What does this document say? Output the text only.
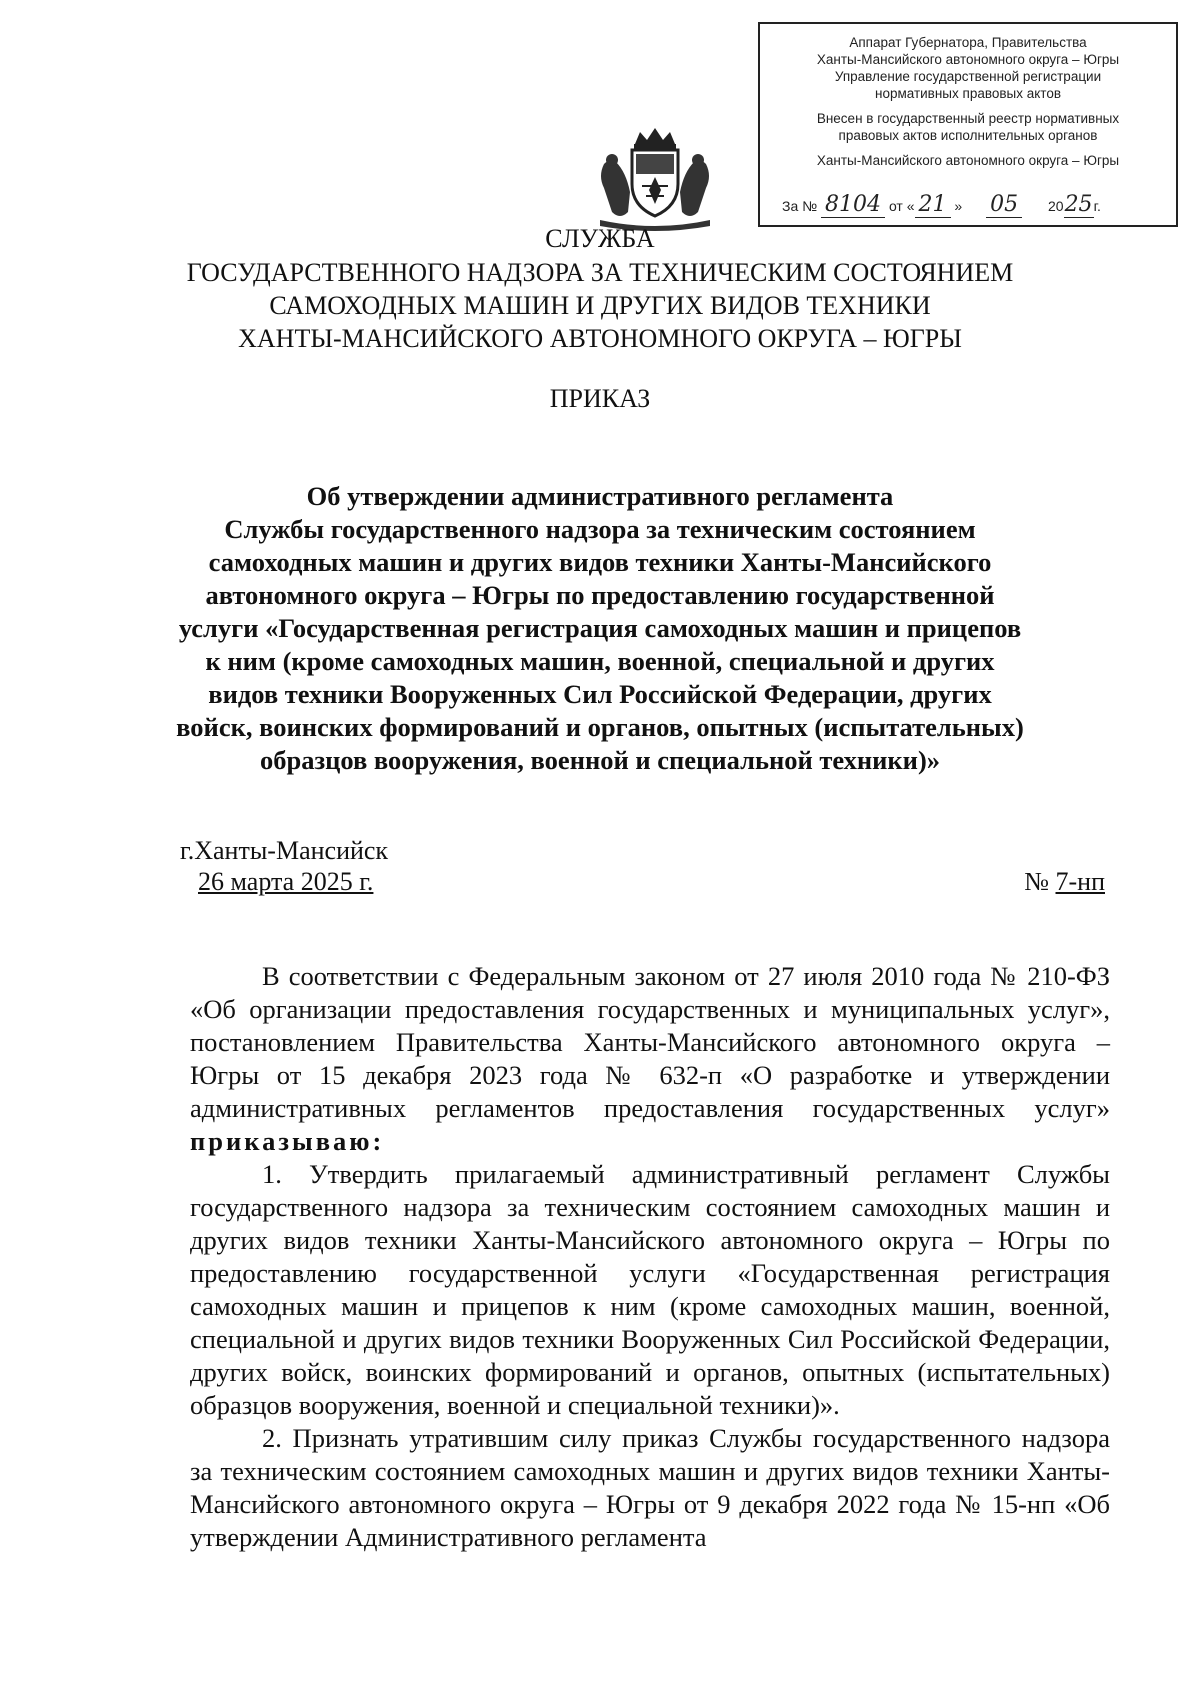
Аппарат Губернатора, Правительства
Ханты-Мансийского автономного округа – Югры
Управление государственной регистрации
нормативных правовых актов
Внесен в государственный реестр нормативных
правовых актов исполнительных органов
Ханты-Мансийского автономного округа – Югры
За № 8104 от « 21 » 05 2025г.
СЛУЖБА
ГОСУДАРСТВЕННОГО НАДЗОРА ЗА ТЕХНИЧЕСКИМ СОСТОЯНИЕМ
САМОХОДНЫХ МАШИН И ДРУГИХ ВИДОВ ТЕХНИКИ
ХАНТЫ-МАНСИЙСКОГО АВТОНОМНОГО ОКРУГА – ЮГРЫ
ПРИКАЗ
Об утверждении административного регламента
Службы государственного надзора за техническим состоянием
самоходных машин и других видов техники Ханты-Мансийского
автономного округа – Югры по предоставлению государственной
услуги «Государственная регистрация самоходных машин и прицепов
к ним (кроме самоходных машин, военной, специальной и других
видов техники Вооруженных Сил Российской Федерации, других
войск, воинских формирований и органов, опытных (испытательных)
образцов вооружения, военной и специальной техники)»
г.Ханты-Мансийск
26 марта 2025 г.	№ 7-нп

В соответствии с Федеральным законом от 27 июля 2010 года № 210-ФЗ «Об организации предоставления государственных и муниципальных услуг», постановлением Правительства Ханты-Мансийского автономного округа – Югры от 15 декабря 2023 года № 632-п «О разработке и утверждении административных регламентов предоставления государственных услуг» приказываю:

1. Утвердить прилагаемый административный регламент Службы государственного надзора за техническим состоянием самоходных машин и других видов техники Ханты-Мансийского автономного округа – Югры по предоставлению государственной услуги «Государственная регистрация самоходных машин и прицепов к ним (кроме самоходных машин, военной, специальной и других видов техники Вооруженных Сил Российской Федерации, других войск, воинских формирований и органов, опытных (испытательных) образцов вооружения, военной и специальной техники)».

2. Признать утратившим силу приказ Службы государственного надзора за техническим состоянием самоходных машин и других видов техники Ханты-Мансийского автономного округа – Югры от 9 декабря 2022 года № 15-нп «Об утверждении Административного регламента
